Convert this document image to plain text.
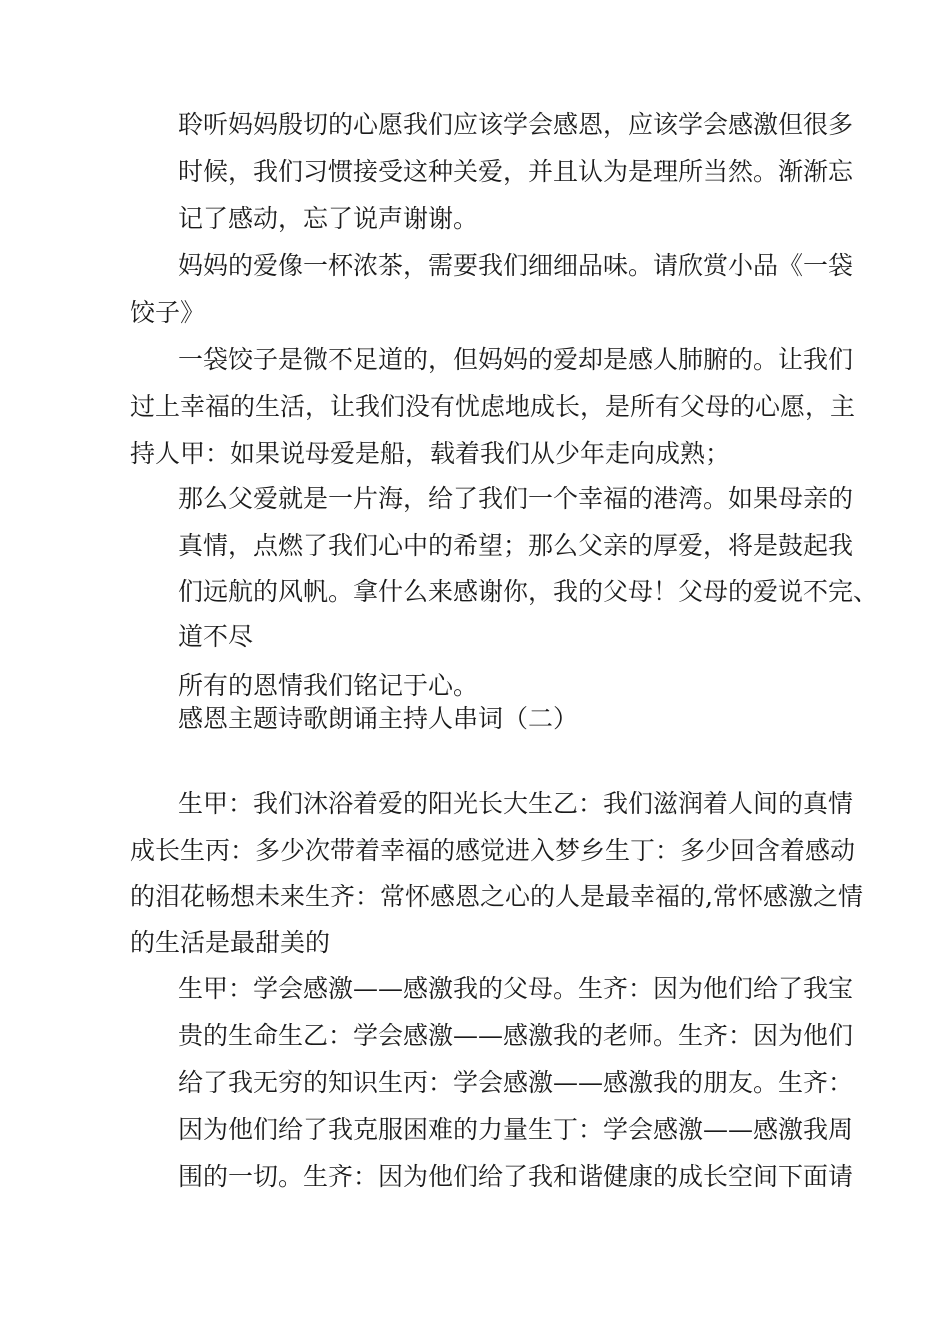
聆听妈妈殷切的心愿我们应该学会感恩，应该学会感激但很多
时候，我们习惯接受这种关爱，并且认为是理所当然。渐渐忘
记了感动，忘了说声谢谢。
妈妈的爱像一杯浓茶，需要我们细细品味。请欣赏小品《一袋
饺子》
一袋饺子是微不足道的，但妈妈的爱却是感人肺腑的。让我们
过上幸福的生活，让我们没有忧虑地成长，是所有父母的心愿，主
持人甲：如果说母爱是船，载着我们从少年走向成熟；
那么父爱就是一片海，给了我们一个幸福的港湾。如果母亲的
真情，点燃了我们心中的希望；那么父亲的厚爱，将是鼓起我
们远航的风帆。拿什么来感谢你，我的父母！父母的爱说不完、
道不尽
所有的恩情我们铭记于心。
感恩主题诗歌朗诵主持人串词（二）
生甲：我们沐浴着爱的阳光长大生乙：我们滋润着人间的真情
成长生丙：多少次带着幸福的感觉进入梦乡生丁：多少回含着感动
的泪花畅想未来生齐：常怀感恩之心的人是最幸福的,常怀感激之情
的生活是最甜美的
生甲：学会感激——感激我的父母。生齐：因为他们给了我宝
贵的生命生乙：学会感激——感激我的老师。生齐：因为他们
给了我无穷的知识生丙：学会感激——感激我的朋友。生齐：
因为他们给了我克服困难的力量生丁：学会感激——感激我周
围的一切。生齐：因为他们给了我和谐健康的成长空间下面请
